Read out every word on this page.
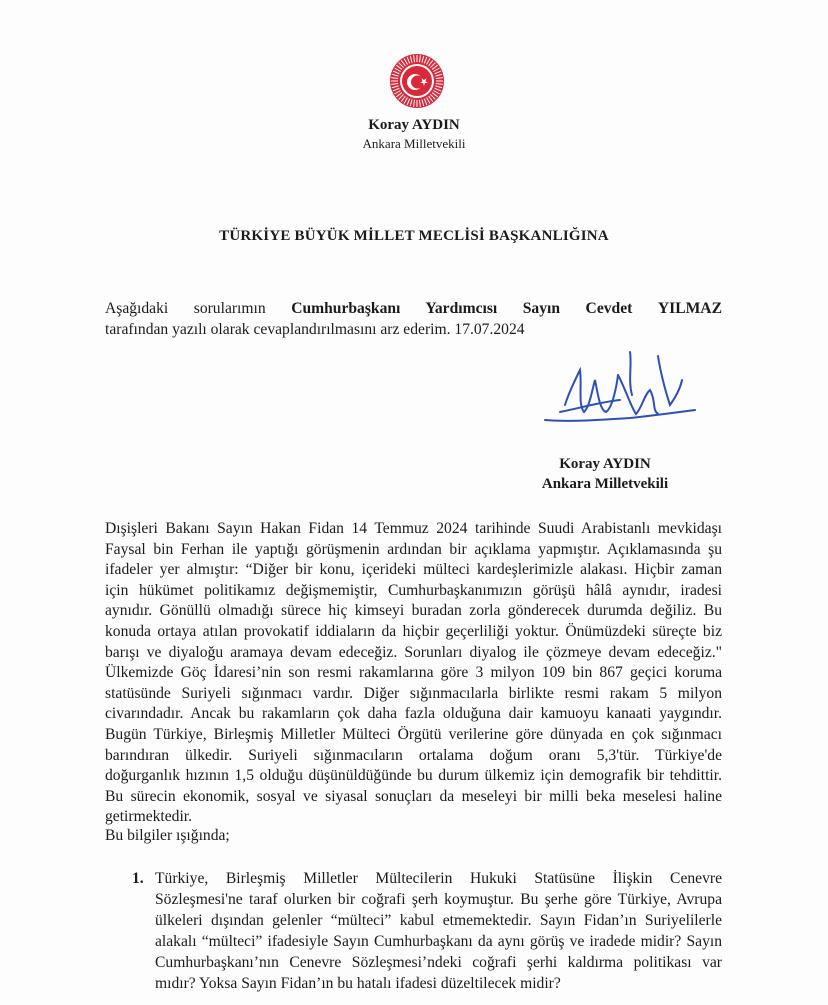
Koray AYDIN
Ankara Milletvekili
TÜRKİYE BÜYÜK MİLLET MECLİSİ BAŞKANLIĞINA
Aşağıdaki sorularımın Cumhurbaşkanı Yardımcısı Sayın Cevdet YILMAZ
tarafından yazılı olarak cevaplandırılmasını arz ederim. 17.07.2024
Koray AYDIN
Ankara Milletvekili
Dışişleri Bakanı Sayın Hakan Fidan 14 Temmuz 2024 tarihinde Suudi Arabistanlı mevkidaşı
Faysal bin Ferhan ile yaptığı görüşmenin ardından bir açıklama yapmıştır. Açıklamasında şu
ifadeler yer almıştır: “Diğer bir konu, içerideki mülteci kardeşlerimizle alakası. Hiçbir zaman
için hükümet politikamız değişmemiştir, Cumhurbaşkanımızın görüşü hâlâ aynıdır, iradesi
aynıdır. Gönüllü olmadığı sürece hiç kimseyi buradan zorla gönderecek durumda değiliz. Bu
konuda ortaya atılan provokatif iddiaların da hiçbir geçerliliği yoktur. Önümüzdeki süreçte biz
barışı ve diyaloğu aramaya devam edeceğiz. Sorunları diyalog ile çözmeye devam edeceğiz."
Ülkemizde Göç İdaresi’nin son resmi rakamlarına göre 3 milyon 109 bin 867 geçici koruma
statüsünde Suriyeli sığınmacı vardır. Diğer sığınmacılarla birlikte resmi rakam 5 milyon
civarındadır. Ancak bu rakamların çok daha fazla olduğuna dair kamuoyu kanaati yaygındır.
Bugün Türkiye, Birleşmiş Milletler Mülteci Örgütü verilerine göre dünyada en çok sığınmacı
barındıran ülkedir. Suriyeli sığınmacıların ortalama doğum oranı 5,3'tür. Türkiye'de
doğurganlık hızının 1,5 olduğu düşünüldüğünde bu durum ülkemiz için demografik bir tehdittir.
Bu sürecin ekonomik, sosyal ve siyasal sonuçları da meseleyi bir milli beka meselesi haline
getirmektedir.
Bu bilgiler ışığında;
1. Türkiye, Birleşmiş Milletler Mültecilerin Hukuki Statüsüne İlişkin Cenevre
Sözleşmesi'ne taraf olurken bir coğrafi şerh koymuştur. Bu şerhe göre Türkiye, Avrupa
ülkeleri dışından gelenler “mülteci” kabul etmemektedir. Sayın Fidan’ın Suriyelilerle
alakalı “mülteci” ifadesiyle Sayın Cumhurbaşkanı da aynı görüş ve iradede midir? Sayın
Cumhurbaşkanı’nın Cenevre Sözleşmesi’ndeki coğrafi şerhi kaldırma politikası var
mıdır? Yoksa Sayın Fidan’ın bu hatalı ifadesi düzeltilecek midir?
